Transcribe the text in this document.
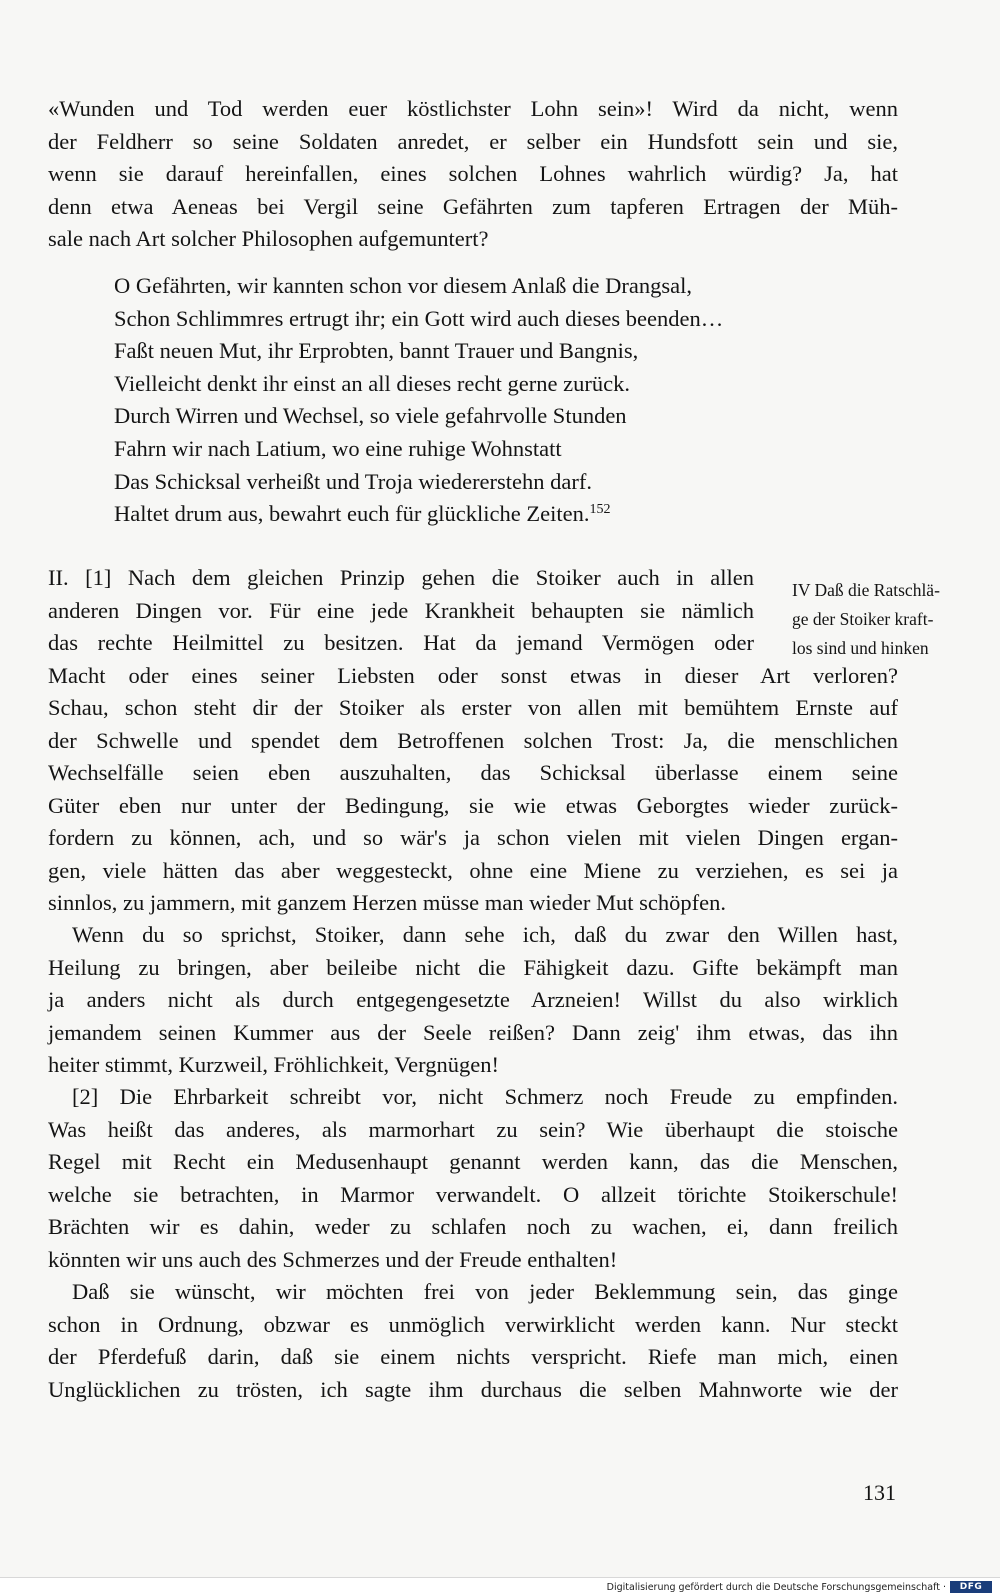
«Wunden und Tod werden euer köstlichster Lohn sein»! Wird da nicht, wenn
der Feldherr so seine Soldaten anredet, er selber ein Hundsfott sein und sie,
wenn sie darauf hereinfallen, eines solchen Lohnes wahrlich würdig? Ja, hat
denn etwa Aeneas bei Vergil seine Gefährten zum tapferen Ertragen der Müh-
sale nach Art solcher Philosophen aufgemuntert?
O Gefährten, wir kannten schon vor diesem Anlaß die Drangsal,
Schon Schlimmres ertrugt ihr; ein Gott wird auch dieses beenden…
Faßt neuen Mut, ihr Erprobten, bannt Trauer und Bangnis,
Vielleicht denkt ihr einst an all dieses recht gerne zurück.
Durch Wirren und Wechsel, so viele gefahrvolle Stunden
Fahrn wir nach Latium, wo eine ruhige Wohnstatt
Das Schicksal verheißt und Troja wiedererstehn darf.
Haltet drum aus, bewahrt euch für glückliche Zeiten.$^{152}$
II. [1] Nach dem gleichen Prinzip gehen die Stoiker auch in allen
anderen Dingen vor. Für eine jede Krankheit behaupten sie nämlich
das rechte Heilmittel zu besitzen. Hat da jemand Vermögen oder
Macht oder eines seiner Liebsten oder sonst etwas in dieser Art verloren?
Schau, schon steht dir der Stoiker als erster von allen mit bemühtem Ernste auf
der Schwelle und spendet dem Betroffenen solchen Trost: Ja, die menschlichen
Wechselfälle seien eben auszuhalten, das Schicksal überlasse einem seine
Güter eben nur unter der Bedingung, sie wie etwas Geborgtes wieder zurück-
fordern zu können, ach, und so wär's ja schon vielen mit vielen Dingen ergan-
gen, viele hätten das aber weggesteckt, ohne eine Miene zu verziehen, es sei ja
sinnlos, zu jammern, mit ganzem Herzen müsse man wieder Mut schöpfen.
IV Daß die Ratschlä-
ge der Stoiker kraft-
los sind und hinken
Wenn du so sprichst, Stoiker, dann sehe ich, daß du zwar den Willen hast,
Heilung zu bringen, aber beileibe nicht die Fähigkeit dazu. Gifte bekämpft man
ja anders nicht als durch entgegengesetzte Arzneien! Willst du also wirklich
jemandem seinen Kummer aus der Seele reißen? Dann zeig' ihm etwas, das ihn
heiter stimmt, Kurzweil, Fröhlichkeit, Vergnügen!
[2] Die Ehrbarkeit schreibt vor, nicht Schmerz noch Freude zu empfinden.
Was heißt das anderes, als marmorhart zu sein? Wie überhaupt die stoische
Regel mit Recht ein Medusenhaupt genannt werden kann, das die Menschen,
welche sie betrachten, in Marmor verwandelt. O allzeit törichte Stoikerschule!
Brächten wir es dahin, weder zu schlafen noch zu wachen, ei, dann freilich
könnten wir uns auch des Schmerzes und der Freude enthalten!
Daß sie wünscht, wir möchten frei von jeder Beklemmung sein, das ginge
schon in Ordnung, obzwar es unmöglich verwirklicht werden kann. Nur steckt
der Pferdefuß darin, daß sie einem nichts verspricht. Riefe man mich, einen
Unglücklichen zu trösten, ich sagte ihm durchaus die selben Mahnworte wie der
131
Digitalisierung gefördert durch die Deutsche Forschungsgemeinschaft ·	DFG
